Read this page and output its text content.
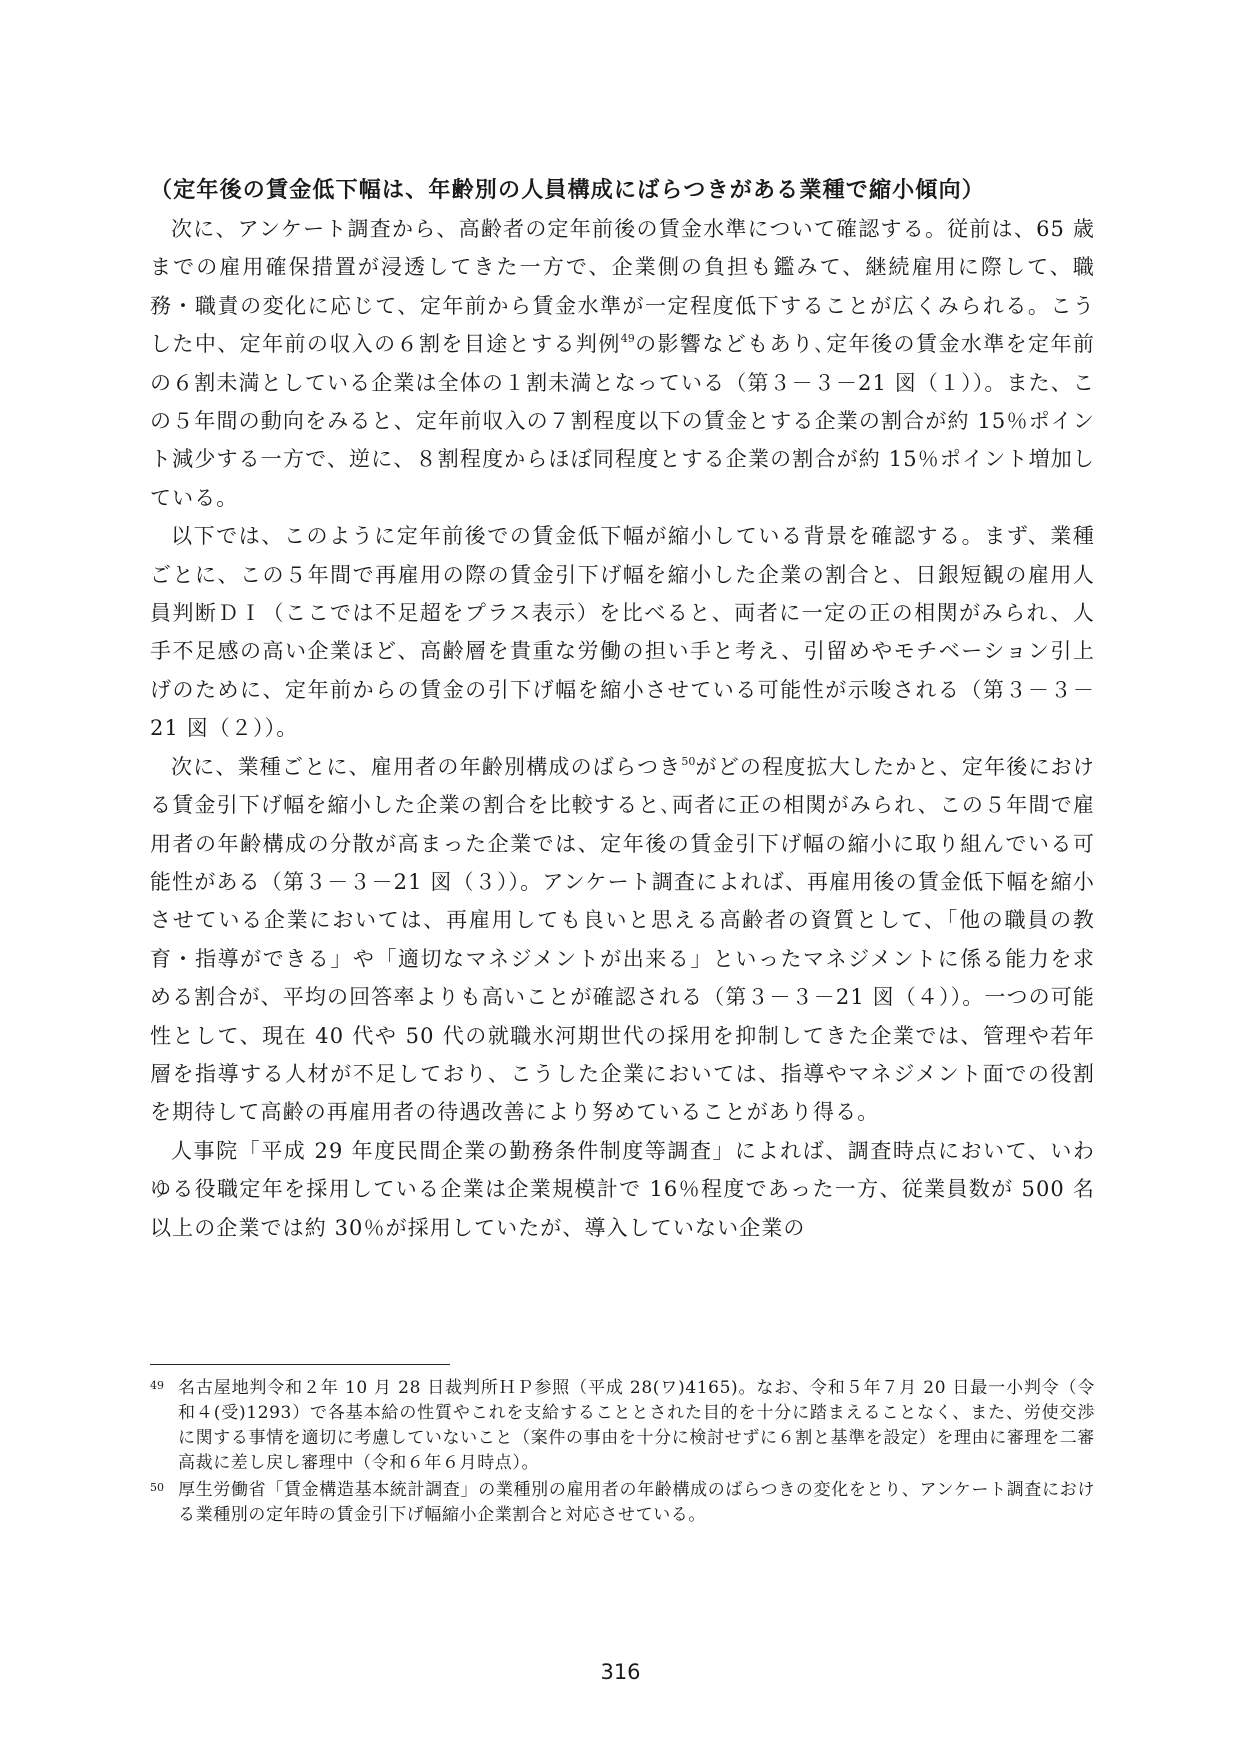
（定年後の賃金低下幅は、年齢別の人員構成にばらつきがある業種で縮小傾向）

次に、アンケート調査から、高齢者の定年前後の賃金水準について確認する。従前は、65 歳までの雇用確保措置が浸透してきた一方で、企業側の負担も鑑みて、継続雇用に際して、職務・職責の変化に応じて、定年前から賃金水準が一定程度低下することが広くみられる。こうした中、定年前の収入の６割を目途とする判例$^{49}$の影響などもあり､定年後の賃金水準を定年前の６割未満としている企業は全体の１割未満となっている（第３－３－21 図（１））。また、この５年間の動向をみると、定年前収入の７割程度以下の賃金とする企業の割合が約 15％ポイント減少する一方で、逆に、８割程度からほぼ同程度とする企業の割合が約 15％ポイント増加している。

以下では、このように定年前後での賃金低下幅が縮小している背景を確認する。まず、業種ごとに、この５年間で再雇用の際の賃金引下げ幅を縮小した企業の割合と、日銀短観の雇用人員判断ＤＩ（ここでは不足超をプラス表示）を比べると、両者に一定の正の相関がみられ、人手不足感の高い企業ほど、高齢層を貴重な労働の担い手と考え、引留めやモチベーション引上げのために、定年前からの賃金の引下げ幅を縮小させている可能性が示唆される（第３－３－21 図（２））。

次に、業種ごとに、雇用者の年齢別構成のばらつき$^{50}$がどの程度拡大したかと、定年後における賃金引下げ幅を縮小した企業の割合を比較すると､両者に正の相関がみられ、この５年間で雇用者の年齢構成の分散が高まった企業では、定年後の賃金引下げ幅の縮小に取り組んでいる可能性がある（第３－３－21 図（３））。アンケート調査によれば、再雇用後の賃金低下幅を縮小させている企業においては、再雇用しても良いと思える高齢者の資質として、「他の職員の教育・指導ができる」や「適切なマネジメントが出来る」といったマネジメントに係る能力を求める割合が、平均の回答率よりも高いことが確認される（第３－３－21 図（４））。一つの可能性として、現在 40 代や 50 代の就職氷河期世代の採用を抑制してきた企業では、管理や若年層を指導する人材が不足しており、こうした企業においては、指導やマネジメント面での役割を期待して高齢の再雇用者の待遇改善により努めていることがあり得る。

人事院「平成 29 年度民間企業の勤務条件制度等調査」によれば、調査時点において、いわゆる役職定年を採用している企業は企業規模計で 16％程度であった一方、従業員数が 500 名以上の企業では約 30％が採用していたが、導入していない企業の

49 名古屋地判令和２年 10 月 28 日裁判所ＨＰ参照（平成 28(ワ)4165)。なお、令和５年７月 20 日最一小判令（令和４(受)1293）で各基本給の性質やこれを支給することとされた目的を十分に踏まえることなく、また、労使交渉に関する事情を適切に考慮していないこと（案件の事由を十分に検討せずに６割と基準を設定）を理由に審理を二審高裁に差し戻し審理中（令和６年６月時点）。
50 厚生労働省「賃金構造基本統計調査」の業種別の雇用者の年齢構成のばらつきの変化をとり、アンケート調査における業種別の定年時の賃金引下げ幅縮小企業割合と対応させている。
316
